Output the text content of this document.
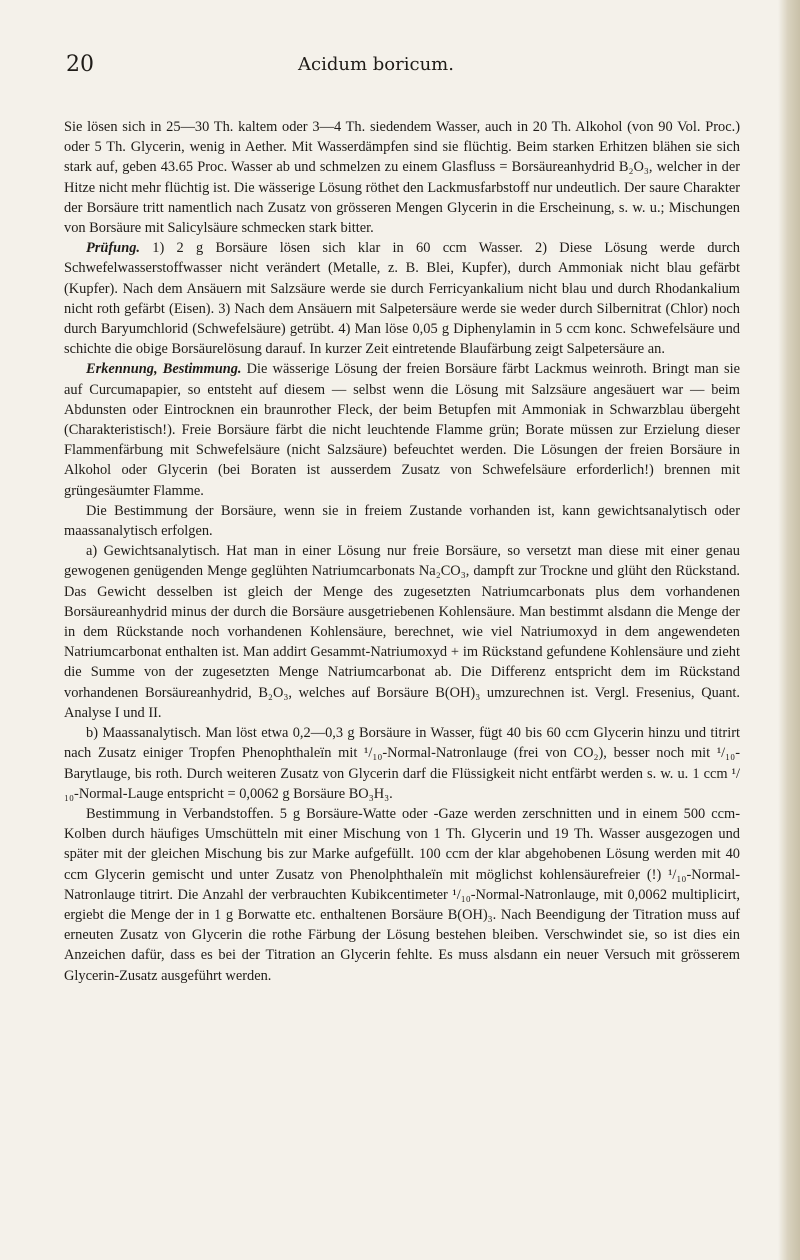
20	Acidum boricum.

Sie lösen sich in 25—30 Th. kaltem oder 3—4 Th. siedendem Wasser, auch in 20 Th. Alkohol (von 90 Vol. Proc.) oder 5 Th. Glycerin, wenig in Aether. Mit Wasserdämpfen sind sie flüchtig. Beim starken Erhitzen blähen sie sich stark auf, geben 43.65 Proc. Wasser ab und schmelzen zu einem Glasfluss = Borsäureanhydrid B₂O₃, welcher in der Hitze nicht mehr flüchtig ist. Die wässerige Lösung röthet den Lackmusfarbstoff nur undeutlich. Der saure Charakter der Borsäure tritt namentlich nach Zusatz von grösseren Mengen Glycerin in die Erscheinung, s. w. u.; Mischungen von Borsäure mit Salicylsäure schmecken stark bitter.

Prüfung. 1) 2 g Borsäure lösen sich klar in 60 ccm Wasser. 2) Diese Lösung werde durch Schwefelwasserstoffwasser nicht verändert (Metalle, z. B. Blei, Kupfer), durch Ammoniak nicht blau gefärbt (Kupfer). Nach dem Ansäuern mit Salzsäure werde sie durch Ferricyankalium nicht blau und durch Rhodankalium nicht roth gefärbt (Eisen). 3) Nach dem Ansäuern mit Salpetersäure werde sie weder durch Silbernitrat (Chlor) noch durch Baryumchlorid (Schwefelsäure) getrübt. 4) Man löse 0,05 g Diphenylamin in 5 ccm konc. Schwefelsäure und schichte die obige Borsäurelösung darauf. In kurzer Zeit eintretende Blaufärbung zeigt Salpetersäure an.

Erkennung, Bestimmung. Die wässerige Lösung der freien Borsäure färbt Lackmus weinroth. Bringt man sie auf Curcumapapier, so entsteht auf diesem — selbst wenn die Lösung mit Salzsäure angesäuert war — beim Abdunsten oder Eintrocknen ein braunrother Fleck, der beim Betupfen mit Ammoniak in Schwarzblau übergeht (Charakteristisch!). Freie Borsäure färbt die nicht leuchtende Flamme grün; Borate müssen zur Erzielung dieser Flammenfärbung mit Schwefelsäure (nicht Salzsäure) befeuchtet werden. Die Lösungen der freien Borsäure in Alkohol oder Glycerin (bei Boraten ist ausserdem Zusatz von Schwefelsäure erforderlich!) brennen mit grüngesäumter Flamme.

Die Bestimmung der Borsäure, wenn sie in freiem Zustande vorhanden ist, kann gewichtsanalytisch oder maassanalytisch erfolgen.

a) Gewichtsanalytisch. Hat man in einer Lösung nur freie Borsäure, so versetzt man diese mit einer genau gewogenen genügenden Menge geglühten Natriumcarbonats Na₂CO₃, dampft zur Trockne und glüht den Rückstand. Das Gewicht desselben ist gleich der Menge des zugesetzten Natriumcarbonats plus dem vorhandenen Borsäureanhydrid minus der durch die Borsäure ausgetriebenen Kohlensäure. Man bestimmt alsdann die Menge der in dem Rückstande noch vorhandenen Kohlensäure, berechnet, wie viel Natriumoxyd in dem angewendeten Natriumcarbonat enthalten ist. Man addirt Gesammt-Natriumoxyd + im Rückstand gefundene Kohlensäure und zieht die Summe von der zugesetzten Menge Natriumcarbonat ab. Die Differenz entspricht dem im Rückstand vorhandenen Borsäureanhydrid, B₂O₃, welches auf Borsäure B(OH)₃ umzurechnen ist. Vergl. Fresenius, Quant. Analyse I und II.

b) Maassanalytisch. Man löst etwa 0,2—0,3 g Borsäure in Wasser, fügt 40 bis 60 ccm Glycerin hinzu und titrirt nach Zusatz einiger Tropfen Phenophthaleïn mit ¹/₁₀-Normal-Natronlauge (frei von CO₂), besser noch mit ¹/₁₀-Barytlauge, bis roth. Durch weiteren Zusatz von Glycerin darf die Flüssigkeit nicht entfärbt werden s. w. u. 1 ccm ¹/₁₀-Normal-Lauge entspricht = 0,0062 g Borsäure BO₃H₃.

Bestimmung in Verbandstoffen. 5 g Borsäure-Watte oder -Gaze werden zerschnitten und in einem 500 ccm-Kolben durch häufiges Umschütteln mit einer Mischung von 1 Th. Glycerin und 19 Th. Wasser ausgezogen und später mit der gleichen Mischung bis zur Marke aufgefüllt. 100 ccm der klar abgehobenen Lösung werden mit 40 ccm Glycerin gemischt und unter Zusatz von Phenolphthaleïn mit möglichst kohlensäurefreier (!) ¹/₁₀-Normal-Natronlauge titrirt. Die Anzahl der verbrauchten Kubikcentimeter ¹/₁₀-Normal-Natronlauge, mit 0,0062 multiplicirt, ergiebt die Menge der in 1 g Borwatte etc. enthaltenen Borsäure B(OH)₃. Nach Beendigung der Titration muss auf erneuten Zusatz von Glycerin die rothe Färbung der Lösung bestehen bleiben. Verschwindet sie, so ist dies ein Anzeichen dafür, dass es bei der Titration an Glycerin fehlte. Es muss alsdann ein neuer Versuch mit grösserem Glycerin-Zusatz ausgeführt werden.
